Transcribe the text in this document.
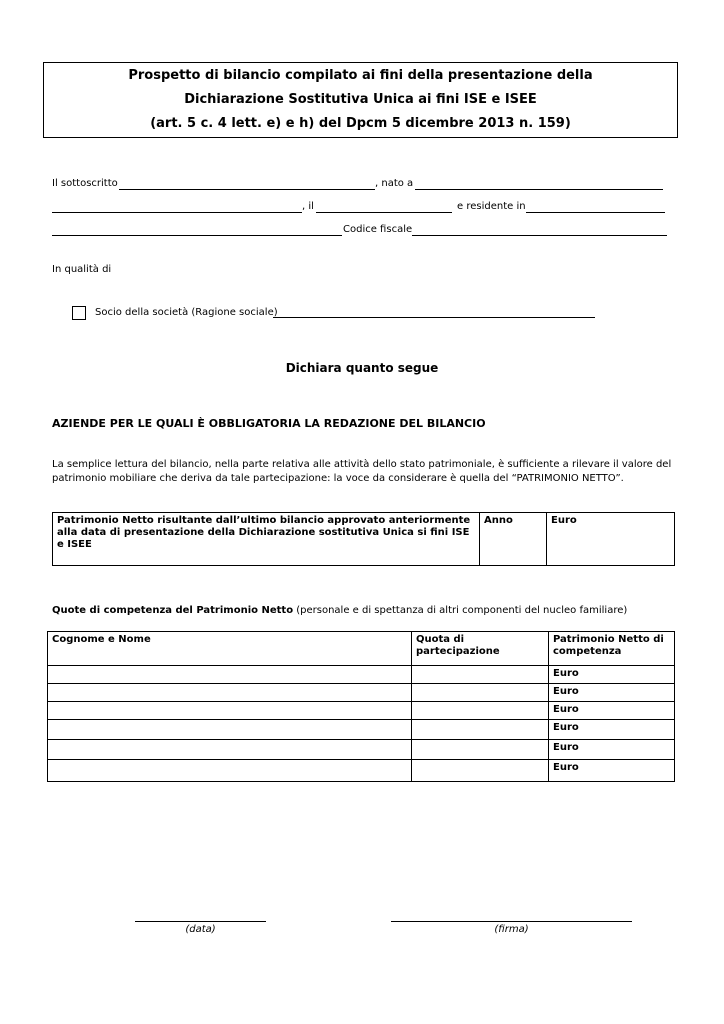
Prospetto di bilancio compilato ai fini della presentazione della
Dichiarazione Sostitutiva Unica ai fini ISE e ISEE
(art. 5 c. 4 lett. e) e h) del Dpcm 5 dicembre 2013 n. 159)
Il sottoscritto	, nato a
, il	e residente in
Codice fiscale
In qualità di
Socio della società (Ragione sociale)
Dichiara quanto segue
AZIENDE PER LE QUALI È OBBLIGATORIA LA REDAZIONE DEL BILANCIO
La semplice lettura del bilancio, nella parte relativa alle attività dello stato patrimoniale, è sufficiente a rilevare il valore del
patrimonio mobiliare che deriva da tale partecipazione: la voce da considerare è quella del “PATRIMONIO NETTO”.
Patrimonio Netto risultante dall’ultimo bilancio approvato anteriormente alla data di presentazione della Dichiarazione sostitutiva Unica si fini ISE e ISEE	Anno	Euro
Quote di competenza del Patrimonio Netto (personale e di spettanza di altri componenti del nucleo familiare)
Cognome e Nome	Quota di partecipazione	Patrimonio Netto di competenza
		Euro
		Euro
		Euro
		Euro
		Euro
		Euro
(data)	(firma)
